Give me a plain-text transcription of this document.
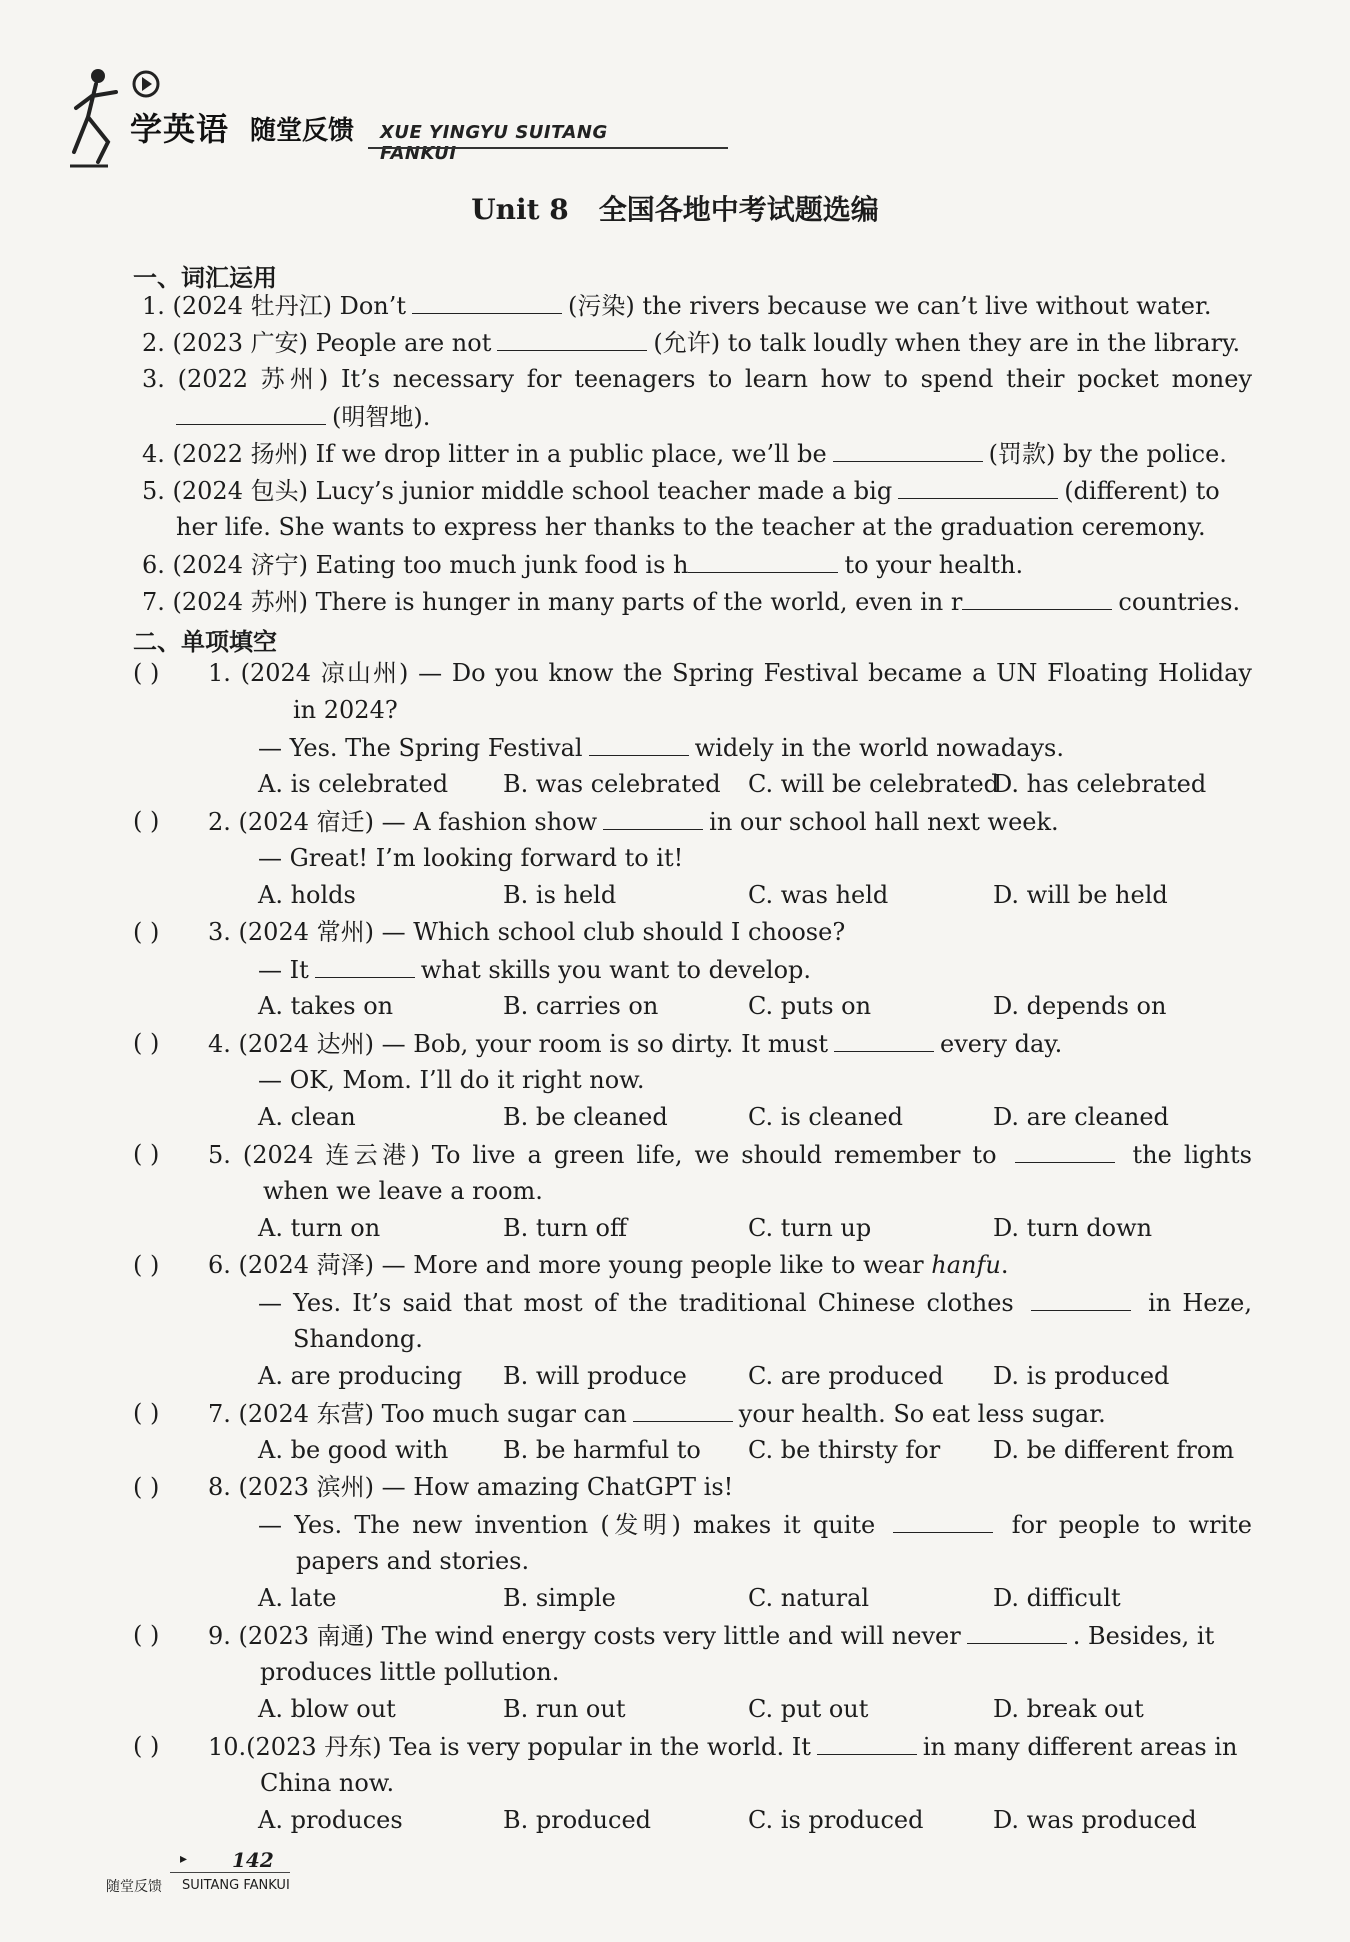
学英语 随堂反馈 XUE YINGYU SUITANG FANKUI
Unit 8 全国各地中考试题选编
一、词汇运用
1. (2024 牡丹江) Don’t	(污染) the rivers because we can’t live without water.
2. (2023 广安) People are not	(允许) to talk loudly when they are in the library.
3. (2022 苏州) It’s necessary for teenagers to learn how to spend their pocket money
(明智地).
4. (2022 扬州) If we drop litter in a public place, we’ll be	(罚款) by the police.
5. (2024 包头) Lucy’s junior middle school teacher made a big	(different) to
her life. She wants to express her thanks to the teacher at the graduation ceremony.
6. (2024 济宁) Eating too much junk food is h	to your health.
7. (2024 苏州) There is hunger in many parts of the world, even in r	countries.
二、单项填空
( ) 1. (2024 凉山州) — Do you know the Spring Festival became a UN Floating Holiday
in 2024?
— Yes. The Spring Festival	widely in the world nowadays.
A. is celebrated B. was celebrated C. will be celebrated
D. has celebrated
( ) 2. (2024 宿迁) — A fashion show	in our school hall next week.
— Great! I’m looking forward to it!
A. holds	B. is held	C. was held	D. will be held
( ) 3. (2024 常州) — Which school club should I choose?
— It	what skills you want to develop.
A. takes on	B. carries on	C. puts on	D. depends on
( ) 4. (2024 达州) — Bob, your room is so dirty. It must	every day.
— OK, Mom. I’ll do it right now.
A. clean	B. be cleaned	C. is cleaned	D. are cleaned
( ) 5. (2024 连云港) To live a green life, we should remember to	the lights
when we leave a room.
A. turn on	B. turn off	C. turn up	D. turn down
( ) 6. (2024 菏泽) — More and more young people like to wear hanfu.
— Yes. It’s said that most of the traditional Chinese clothes	in Heze,
Shandong.
A. are producing B. will produce	C. are produced D. is produced
( ) 7. (2024 东营) Too much sugar can	your health. So eat less sugar.
A. be good with B. be harmful to C. be thirsty for D. be different from
( ) 8. (2023 滨州) — How amazing ChatGPT is!
— Yes. The new invention (发明) makes it quite	for people to write
papers and stories.
A. late	B. simple	C. natural	D. difficult
( ) 9. (2023 南通) The wind energy costs very little and will never	. Besides, it
produces little pollution.
A. blow out	B. run out	C. put out	D. break out
( ) 10.(2023 丹东) Tea is very popular in the world. It	in many different areas in
China now.
A. produces	B. produced	C. is produced	D. was produced
▸ 142
随堂反馈 SUITANG FANKUI
